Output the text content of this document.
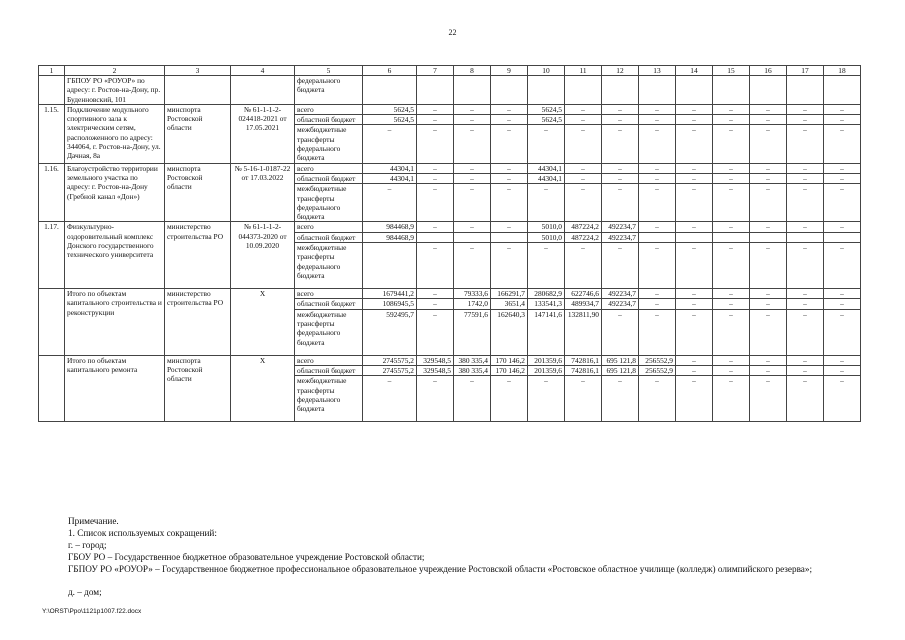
22
1	2	3	4	5	6	7	8	9	10	11	12	13	14	15	16	17	18
	ГБПОУ РО «РОУОР» по адресу: г. Ростов-на-Дону, пр. Буденновский, 101			федерального бюджета													
1.15.	Подключение модульного спортивного зала к электрическим сетям, расположенного по адресу: 344064, г. Ростов-на-Дону, ул. Дачная, 8а	минспорта Ростовской области	№ 61-1-1-2-024418-2021 от 17.05.2021	всего	5624,5	–	–	–	5624,5	–	–	–	–	–	–	–	–
				областной бюджет	5624,5	–	–	–	5624,5	–	–	–	–	–	–	–	–
				межбюджетные трансферты федерального бюджета	–	–	–	–	–	–	–	–	–	–	–	–	–
1.16.	Благоустройство территории земельного участка по адресу: г. Ростов-на-Дону (Гребной канал «Дон»)	минспорта Ростовской области	№ 5-16-1-0187-22 от 17.03.2022	всего	44304,1	–	–	–	44304,1	–	–	–	–	–	–	–	–
				областной бюджет	44304,1	–	–	–	44304,1	–	–	–	–	–	–	–	–
				межбюджетные трансферты федерального бюджета	–	–	–	–	–	–	–	–	–	–	–	–	–
1.17.	Физкультурно-оздоровительный комплекс Донского государственного технического университета	министерство строительства РО	№ 61-1-1-2-044373-2020 от 10.09.2020	всего	984468,9	–	–	–	5010,0	487224,2	492234,7	–	–	–	–	–	–
				областной бюджет	984468,9				5010,0	487224,2	492234,7						
				межбюджетные трансферты федерального бюджета		–	–	–	–	–	–	–	–	–	–	–	–
	Итого по объектам капитального строительства и реконструкции	министерство строительства РО	Х	всего	1679441,2	–	79333,6	166291,7	280682,9	622746,6	492234,7	–	–	–	–	–	–
				областной бюджет	1086945,5	–	1742,0	3651,4	133541,3	489934,7	492234,7	–	–	–	–	–	–
				межбюджетные трансферты федерального бюджета	592495,7	–	77591,6	162640,3	147141,6	132811,90	–	–	–	–	–	–	–
	Итого по объектам капитального ремонта	минспорта Ростовской области	Х	всего	2745575,2	329548,5	380 335,4	170 146,2	201359,6	742816,1	695 121,8	256552,9	–	–	–	–	–
				областной бюджет	2745575,2	329548,5	380 335,4	170 146,2	201359,6	742816,1	695 121,8	256552,9	–	–	–	–	–
				межбюджетные трансферты федерального бюджета	–	–	–	–	–	–	–	–	–	–	–	–	–
Примечание.
1. Список используемых сокращений:
г. – город;
ГБОУ РО – Государственное бюджетное образовательное учреждение Ростовской области;
ГБПОУ РО «РОУОР» – Государственное бюджетное профессиональное образовательное учреждение Ростовской области «Ростовское областное училище (колледж) олимпийского резерва»;
д. – дом;
Y:\ORST\Ppo\1121p1007.f22.docx
